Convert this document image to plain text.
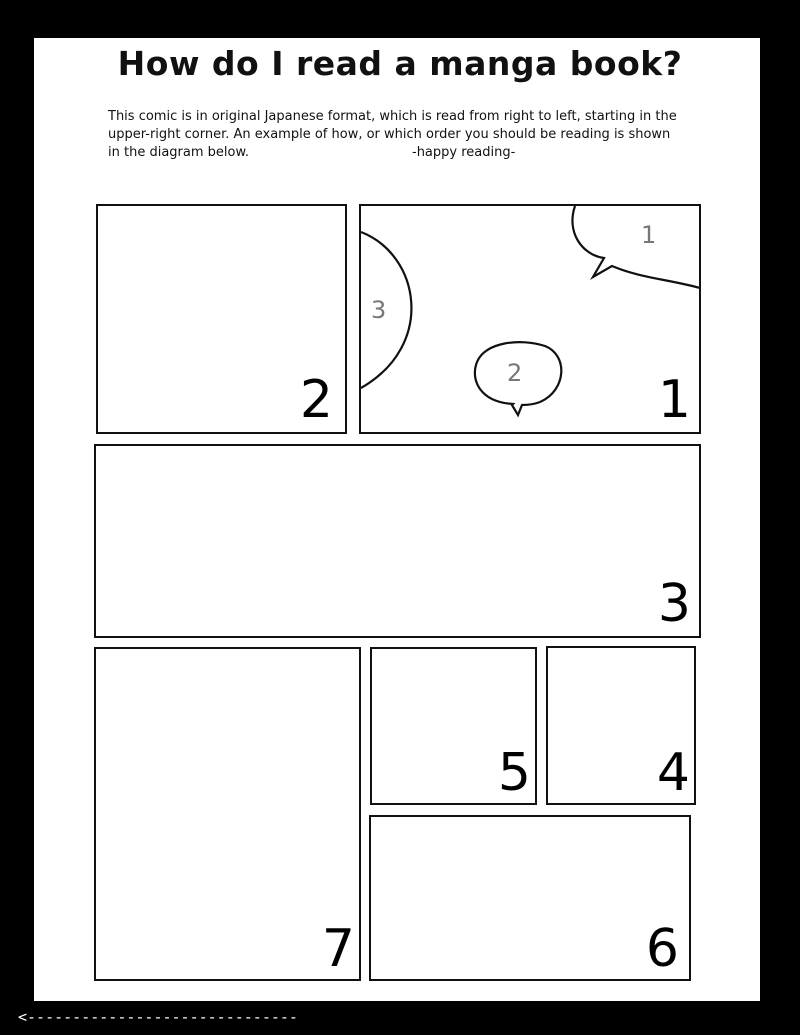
How do I read a manga book?
This comic is in original Japanese format, which is read from right to left, starting in the
upper-right corner. An example of how, or which order you should be reading is shown
in the diagram below.	-happy reading-
2	1
1
2
3
3
7
5 4
6
<------------------------------
